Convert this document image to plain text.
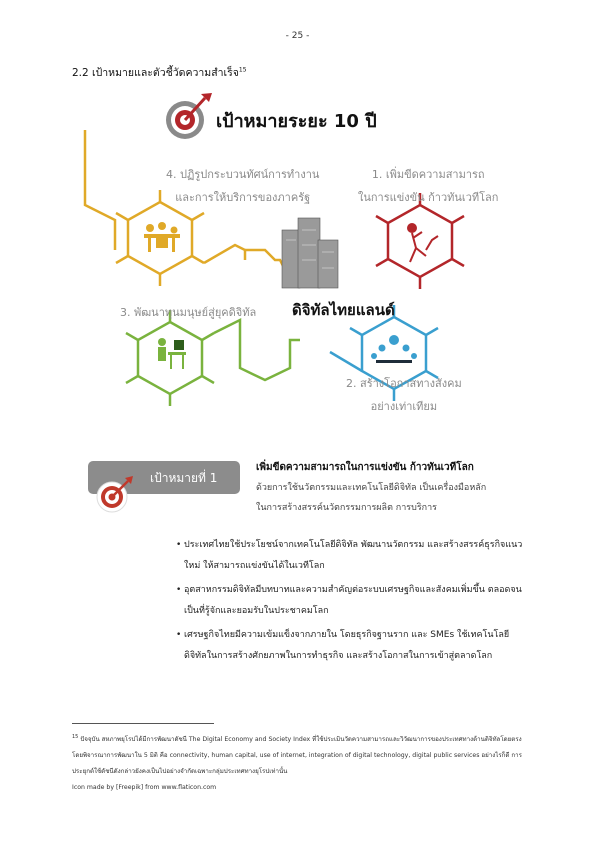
- 25 -
2.2 เป้าหมายและตัวชี้วัดความสำเร็จ$^{15}$
เป้าหมายระยะ 10 ปี
4. ปฏิรูปกระบวนทัศน์การทำงาน
และการให้บริการของภาครัฐ
1. เพิ่มขีดความสามารถ
ในการแข่งขัน ก้าวทันเวทีโลก
3. พัฒนาทุนมนุษย์สู่ยุคดิจิทัล ดิจิทัลไทยแลนด์
2. สร้างโอกาสทางสังคม
อย่างเท่าเทียม
เป้าหมายที่ 1
เพิ่มขีดความสามารถในการแข่งขัน ก้าวทันเวทีโลก
ด้วยการใช้นวัตกรรมและเทคโนโลยีดิจิทัล เป็นเครื่องมือหลัก
ในการสร้างสรรค์นวัตกรรมการผลิต การบริการ
• ประเทศไทยใช้ประโยชน์จากเทคโนโลยีดิจิทัล พัฒนานวัตกรรม และสร้างสรรค์ธุรกิจแนวใหม่ ให้สามารถแข่งขันได้ในเวทีโลก
• อุตสาหกรรมดิจิทัลมีบทบาทและความสำคัญต่อระบบเศรษฐกิจและสังคมเพิ่มขึ้น ตลอดจนเป็นที่รู้จักและยอมรับในประชาคมโลก
• เศรษฐกิจไทยมีความเข้มแข็งจากภายใน โดยธุรกิจฐานราก และ SMEs ใช้เทคโนโลยีดิจิทัลในการสร้างศักยภาพในการทำธุรกิจ และสร้างโอกาสในการเข้าสู่ตลาดโลก
$^{15}$ ปัจจุบัน สหภาพยุโรปได้มีการพัฒนาดัชนี The Digital Economy and Society Index ที่ใช้ประเมินวัดความสามารถและวิวัฒนาการของประเทศทางด้านดิจิทัลโดยตรง โดยพิจารณาการพัฒนาใน 5 มิติ คือ connectivity, human capital, use of internet, integration of digital technology, digital public services อย่างไรก็ดี การประยุกต์ใช้ดัชนีดังกล่าวยังคงเป็นไปอย่างจำกัดเฉพาะกลุ่มประเทศทางยุโรปเท่านั้น
Icon made by [Freepik] from www.flaticon.com
